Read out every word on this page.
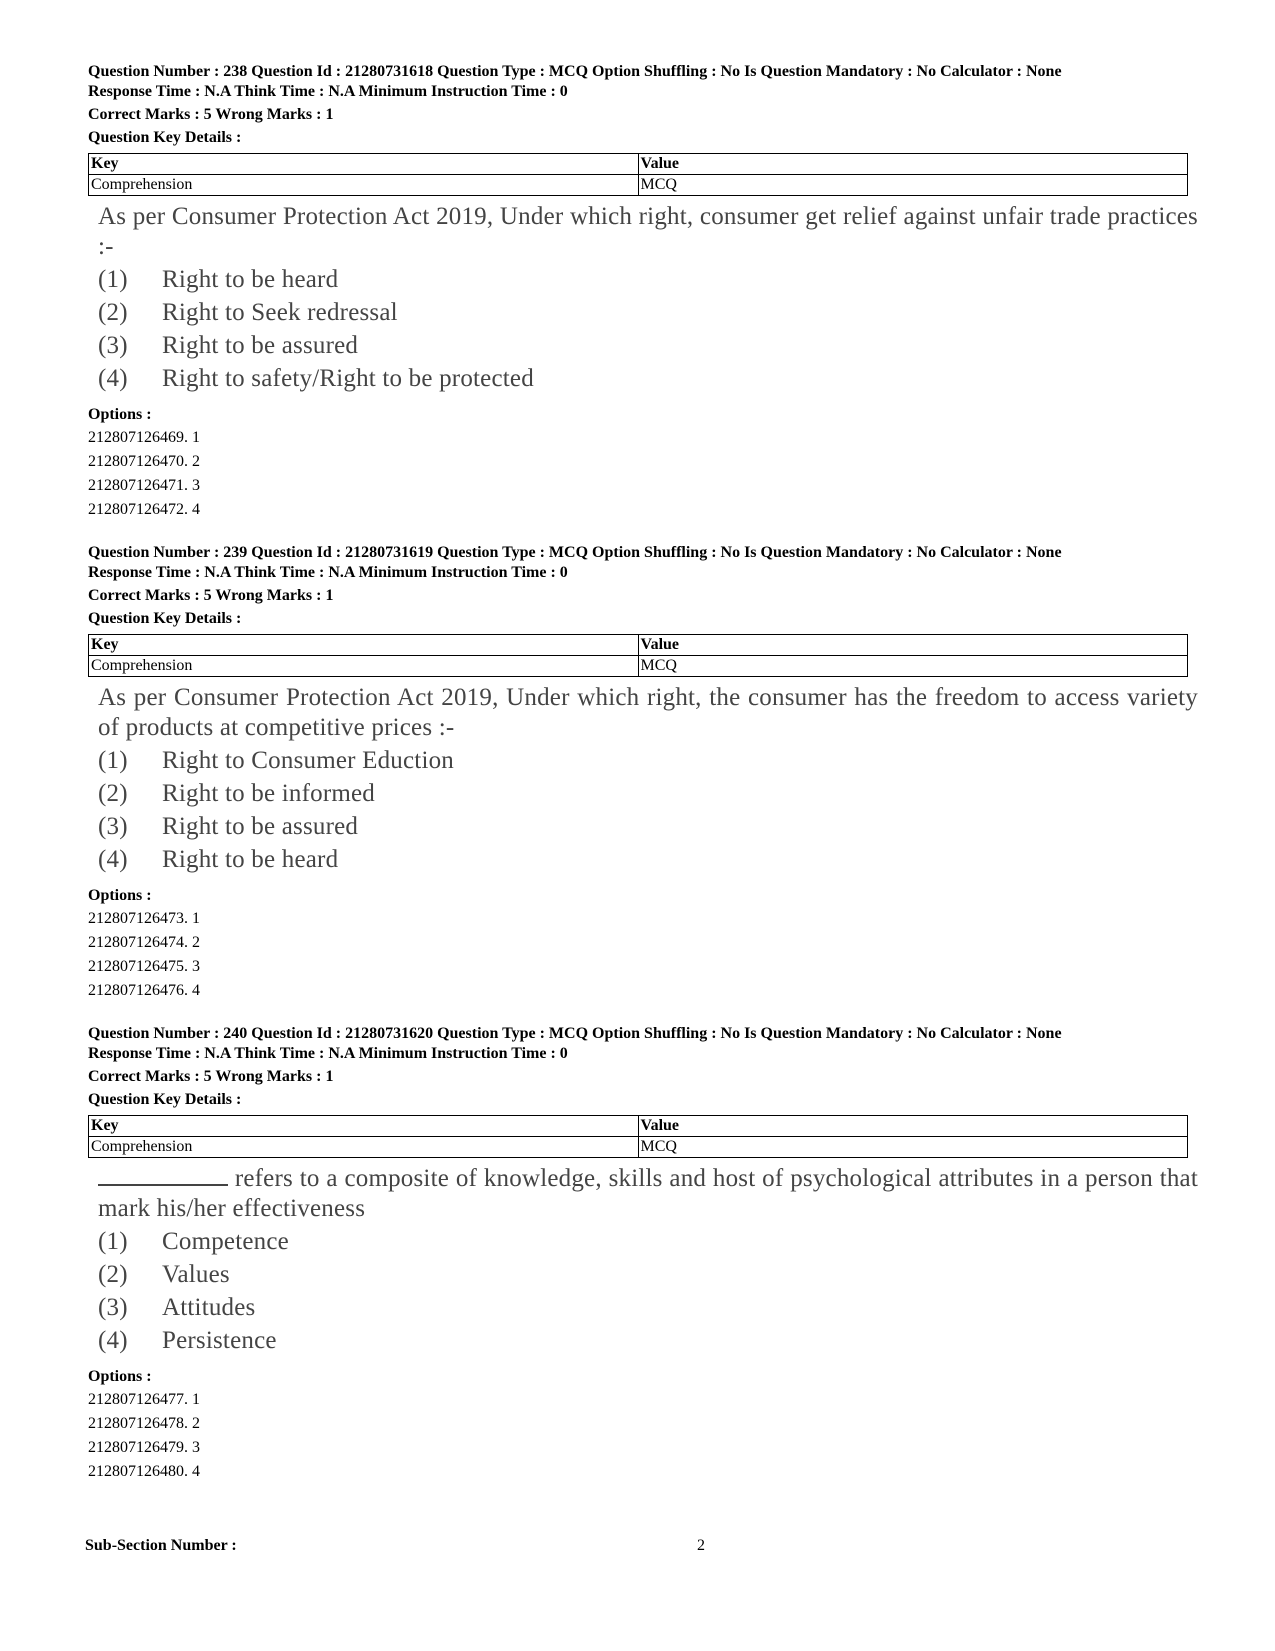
Question Number : 238 Question Id : 21280731618 Question Type : MCQ Option Shuffling : No Is Question Mandatory : No Calculator : None
Response Time : N.A Think Time : N.A Minimum Instruction Time : 0
Correct Marks : 5 Wrong Marks : 1
Question Key Details :
Key	Value
Comprehension	MCQ
As per Consumer Protection Act 2019, Under which right, consumer get relief against unfair trade practices :-
(1)	Right to be heard
(2)	Right to Seek redressal
(3)	Right to be assured
(4)	Right to safety/Right to be protected
Options :
212807126469. 1
212807126470. 2
212807126471. 3
212807126472. 4
Question Number : 239 Question Id : 21280731619 Question Type : MCQ Option Shuffling : No Is Question Mandatory : No Calculator : None
Response Time : N.A Think Time : N.A Minimum Instruction Time : 0
Correct Marks : 5 Wrong Marks : 1
Question Key Details :
Key	Value
Comprehension	MCQ
As per Consumer Protection Act 2019, Under which right, the consumer has the freedom to access variety of products at competitive prices :-
(1)	Right to Consumer Eduction
(2)	Right to be informed
(3)	Right to be assured
(4)	Right to be heard
Options :
212807126473. 1
212807126474. 2
212807126475. 3
212807126476. 4
Question Number : 240 Question Id : 21280731620 Question Type : MCQ Option Shuffling : No Is Question Mandatory : No Calculator : None
Response Time : N.A Think Time : N.A Minimum Instruction Time : 0
Correct Marks : 5 Wrong Marks : 1
Question Key Details :
Key	Value
Comprehension	MCQ
refers to a composite of knowledge, skills and host of psychological attributes in a person that mark his/her effectiveness
(1)	Competence
(2)	Values
(3)	Attitudes
(4)	Persistence
Options :
212807126477. 1
212807126478. 2
212807126479. 3
212807126480. 4
Sub-Section Number :	2
